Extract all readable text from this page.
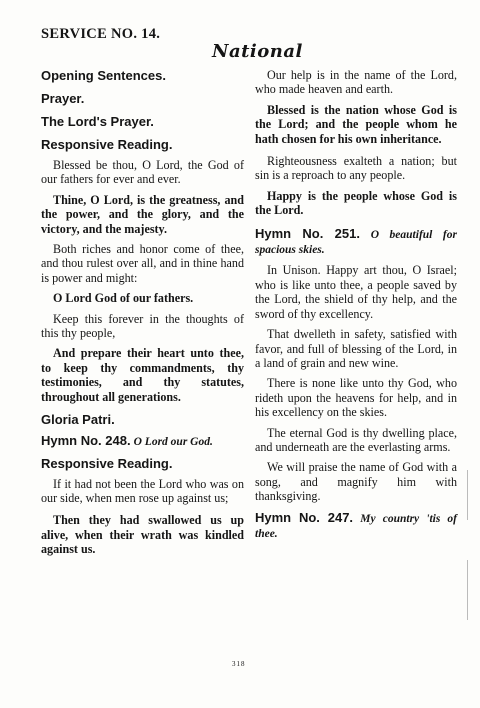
SERVICE NO. 14.
National
Opening Sentences.
Prayer.
The Lord's Prayer.
Responsive Reading.
Blessed be thou, O Lord, the God of our fathers for ever and ever.
Thine, O Lord, is the greatness, and the power, and the glory, and the victory, and the majesty.
Both riches and honor come of thee, and thou rulest over all, and in thine hand is power and might:
O Lord God of our fathers.
Keep this forever in the thoughts of this thy people,
And prepare their heart unto thee, to keep thy commandments, thy testimonies, and thy statutes, throughout all generations.
Gloria Patri.
Hymn No. 248. O Lord our God.
Responsive Reading.
If it had not been the Lord who was on our side, when men rose up against us;
Then they had swallowed us up alive, when their wrath was kindled against us.
Our help is in the name of the Lord, who made heaven and earth.
Blessed is the nation whose God is the Lord; and the people whom he hath chosen for his own inheritance.
Righteousness exalteth a nation; but sin is a reproach to any people.
Happy is the people whose God is the Lord.
Hymn No. 251. O beautiful for spacious skies.
In Unison. Happy art thou, O Israel; who is like unto thee, a people saved by the Lord, the shield of thy help, and the sword of thy excellency.
That dwelleth in safety, satisfied with favor, and full of blessing of the Lord, in a land of grain and new wine.
There is none like unto thy God, who rideth upon the heavens for help, and in his excellency on the skies.
The eternal God is thy dwelling place, and underneath are the everlasting arms.
We will praise the name of God with a song, and magnify him with thanksgiving.
Hymn No. 247. My country 'tis of thee.
318
